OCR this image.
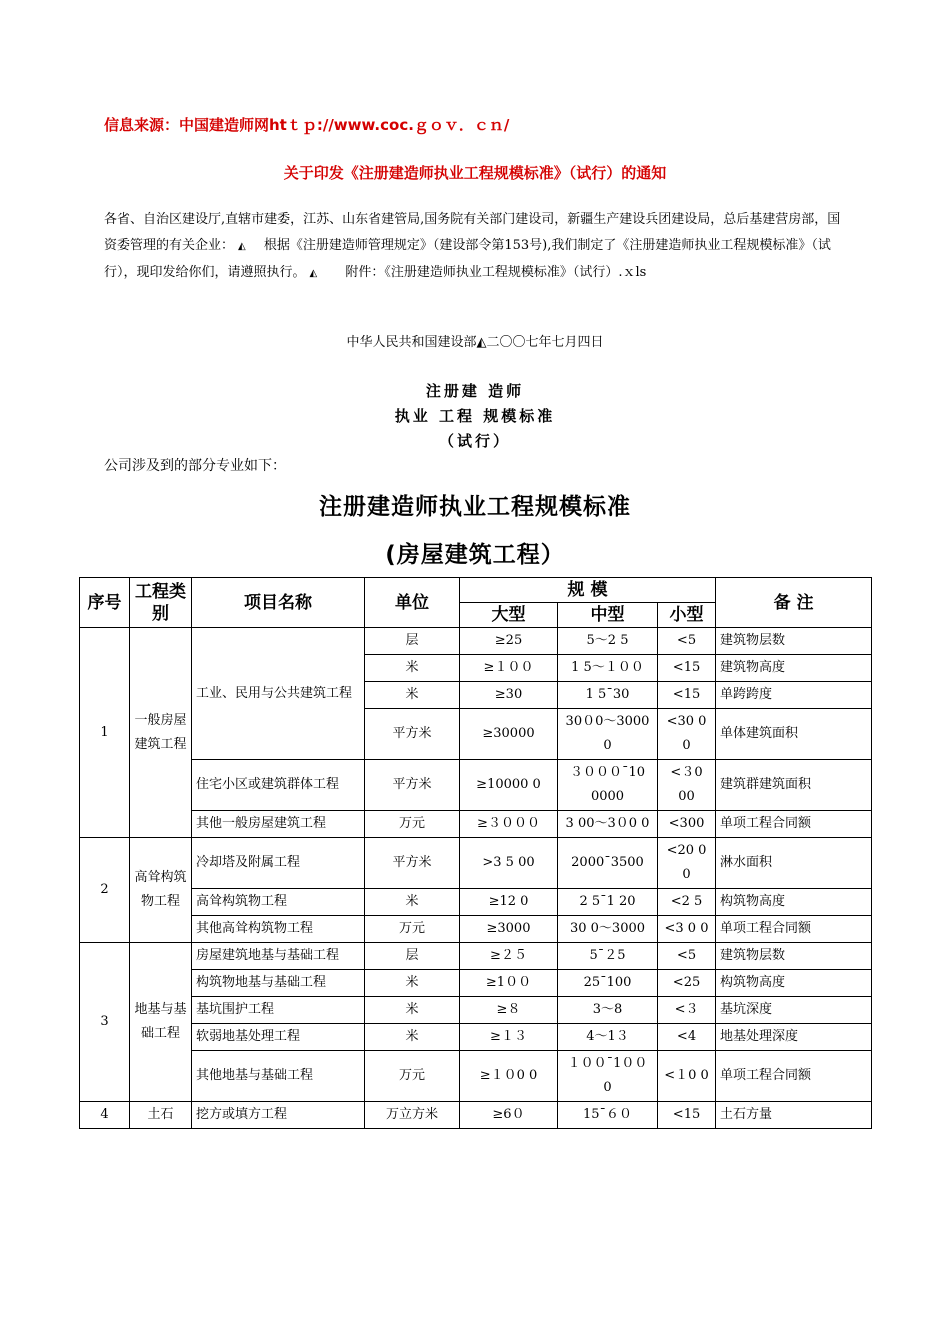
信息来源：中国建造师网htｔｐ://www.coc.ｇｏｖ．ｃｎ/
关于印发《注册建造师执业工程规模标准》（试行）的通知
各省、自治区建设厅,直辖市建委，江苏、山东省建管局,国务院有关部门建设司，新疆生产建设兵团建设局，总后基建营房部，国资委管理的有关企业： ◭ 根据《注册建造师管理规定》（建设部令第153号),我们制定了《注册建造师执业工程规模标准》（试行），现印发给你们，请遵照执行。 ◭ 附件：《注册建造师执业工程规模标准》（试行）.ｘls
中华人民共和国建设部◭二〇〇七年七月四日
注册建 造师
执业 工程 规模标准
（试行）
公司涉及到的部分专业如下：
注册建造师执业工程规模标准
(房屋建筑工程）
序号	工程类别	项目名称	单位	规 模			备 注
				大型	中型	小型	
1	一般房屋建筑工程	工业、民用与公共建筑工程	层	≥25	5～2 5	<5	建筑物层数
			米	≥１００	1 5～１００	<15	建筑物高度
			米	≥30	1 5¯30	<15	单跨跨度
			平方米	≥30000	30０0～3000 0	<30 0 0	单体建筑面积
		住宅小区或建筑群体工程	平方米	≥10000 0	３０００¯10 0000	<３0 00	建筑群建筑面积
		其他一般房屋建筑工程	万元	≥３０００	3 00～3０0 0	<300	单项工程合同额
2	高耸构筑物工程	冷却塔及附属工程	平方米	>3 5 00	2000¯3500	<20 0 0	淋水面积
		高耸构筑物工程	米	≥12 0	2 5¯1 20	<2 5	构筑物高度
		其他高耸构筑物工程	万元	≥3000	30 0～3000	<3 0 0	单项工程合同额
3	地基与基础工程	房屋建筑地基与基础工程	层	≥２５	5¯２5	<5	建筑物层数
		构筑物地基与基础工程	米	≥1００	25¯100	<25	构筑物高度
		基坑围护工程	米	≥８	3～8	<３	基坑深度
		软弱地基处理工程	米	≥１３	4～1３	<4	地基处理深度
		其他地基与基础工程	万元	≥１０0 0	１００¯1００ 0	<１0 0	单项工程合同额
4	土石	挖方或填方工程	万立方米	≥6０	15¯６０	<15	土石方量
